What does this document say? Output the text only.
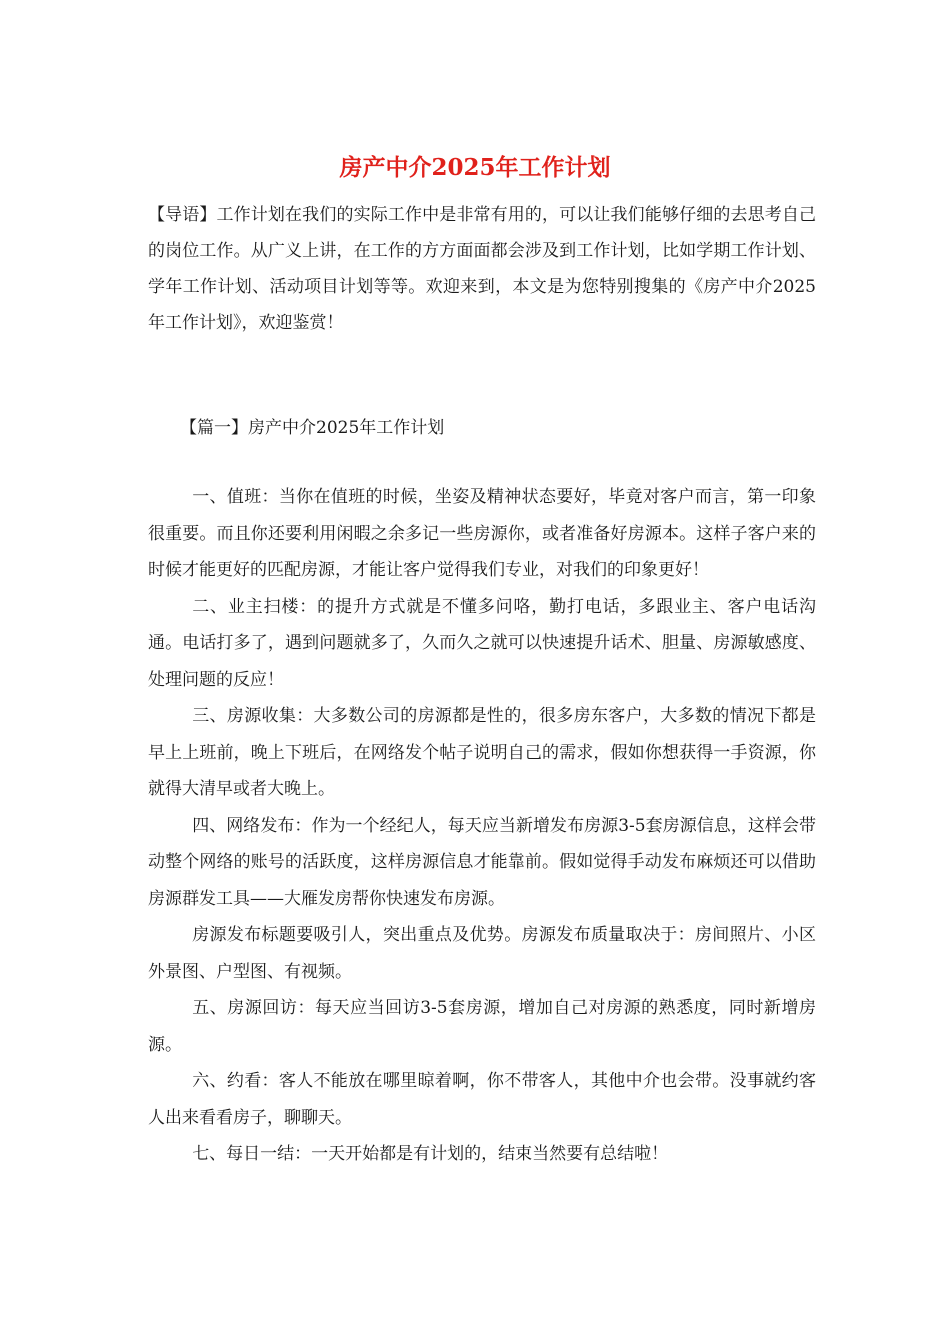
房产中介2025年工作计划
【导语】工作计划在我们的实际工作中是非常有用的，可以让我们能够仔细的去思考自己的岗位工作。从广义上讲，在工作的方方面面都会涉及到工作计划，比如学期工作计划、学年工作计划、活动项目计划等等。欢迎来到，本文是为您特别搜集的《房产中介2025年工作计划》，欢迎鉴赏！
【篇一】房产中介2025年工作计划

一、值班：当你在值班的时候，坐姿及精神状态要好，毕竟对客户而言，第一印象很重要。而且你还要利用闲暇之余多记一些房源你，或者准备好房源本。这样子客户来的时候才能更好的匹配房源，才能让客户觉得我们专业，对我们的印象更好！

二、业主扫楼：的提升方式就是不懂多问咯，勤打电话，多跟业主、客户电话沟通。电话打多了，遇到问题就多了，久而久之就可以快速提升话术、胆量、房源敏感度、处理问题的反应！

三、房源收集：大多数公司的房源都是性的，很多房东客户，大多数的情况下都是早上上班前，晚上下班后，在网络发个帖子说明自己的需求，假如你想获得一手资源，你就得大清早或者大晚上。

四、网络发布：作为一个经纪人，每天应当新增发布房源3-5套房源信息，这样会带动整个网络的账号的活跃度，这样房源信息才能靠前。假如觉得手动发布麻烦还可以借助房源群发工具——大雁发房帮你快速发布房源。

房源发布标题要吸引人，突出重点及优势。房源发布质量取决于：房间照片、小区外景图、户型图、有视频。

五、房源回访：每天应当回访3-5套房源，增加自己对房源的熟悉度，同时新增房源。

六、约看：客人不能放在哪里晾着啊，你不带客人，其他中介也会带。没事就约客人出来看看房子，聊聊天。

七、每日一结：一天开始都是有计划的，结束当然要有总结啦！
